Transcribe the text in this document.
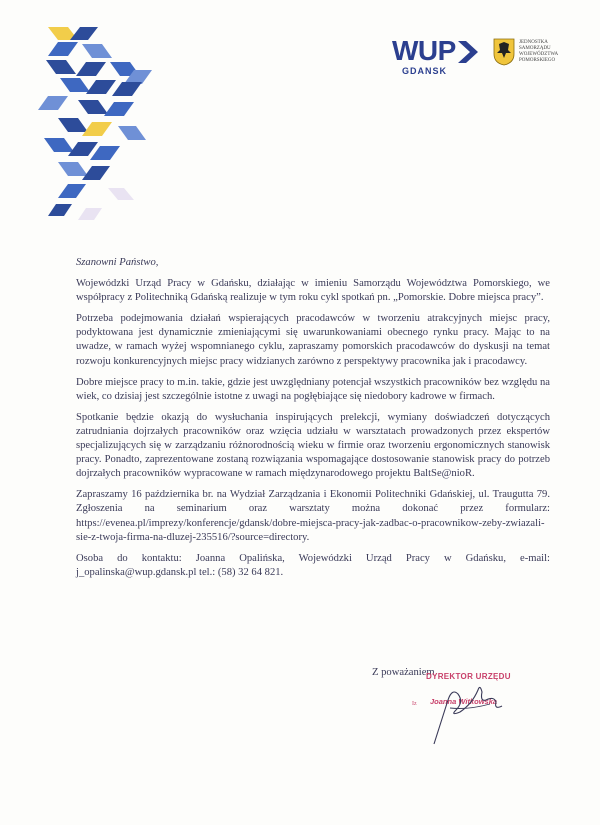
WUP
GDANSK
JEDNOSTKA
SAMORZĄDU
WOJEWÓDZTWA
POMORSKIEGO

Szanowni Państwo,

Wojewódzki Urząd Pracy w Gdańsku, działając w imieniu Samorządu Województwa Pomorskiego, we współpracy z Politechniką Gdańską realizuje w tym roku cykl spotkań pn. „Pomorskie. Dobre miejsca pracy”.

Potrzeba podejmowania działań wspierających pracodawców w tworzeniu atrakcyjnych miejsc pracy, podyktowana jest dynamicznie zmieniającymi się uwarunkowaniami obecnego rynku pracy. Mając to na uwadze, w ramach wyżej wspomnianego cyklu, zapraszamy pomorskich pracodawców do dyskusji na temat rozwoju konkurencyjnych miejsc pracy widzianych zarówno z perspektywy pracownika jak i pracodawcy.

Dobre miejsce pracy to m.in. takie, gdzie jest uwzględniany potencjał wszystkich pracowników bez względu na wiek, co dzisiaj jest szczególnie istotne z uwagi na pogłębiające się niedobory kadrowe w firmach.

Spotkanie będzie okazją do wysłuchania inspirujących prelekcji, wymiany doświadczeń dotyczących zatrudniania dojrzałych pracowników oraz wzięcia udziału w warsztatach prowadzonych przez ekspertów specjalizujących się w zarządzaniu różnorodnością wieku w firmie oraz tworzeniu ergonomicznych stanowisk pracy. Ponadto, zaprezentowane zostaną rozwiązania wspomagające dostosowanie stanowisk pracy do potrzeb dojrzałych pracowników wypracowane w ramach międzynarodowego projektu BaltSe@nioR.

Zapraszamy 16 października br. na Wydział Zarządzania i Ekonomii Politechniki Gdańskiej, ul. Traugutta 79. Zgłoszenia na seminarium oraz warsztaty można dokonać przez formularz: https://evenea.pl/imprezy/konferencje/gdansk/dobre-miejsca-pracy-jak-zadbac-o-pracownikow-zeby-zwiazali-sie-z-twoja-firma-na-dluzej-235516/?source=directory.

Osoba do kontaktu: Joanna Opalińska, Wojewódzki Urząd Pracy w Gdańsku, e-mail: j_opalinska@wup.gdansk.pl tel.: (58) 32 64 821.

Z poważaniem
DYREKTOR URZĘDU
Iz Joanna Witkowska
